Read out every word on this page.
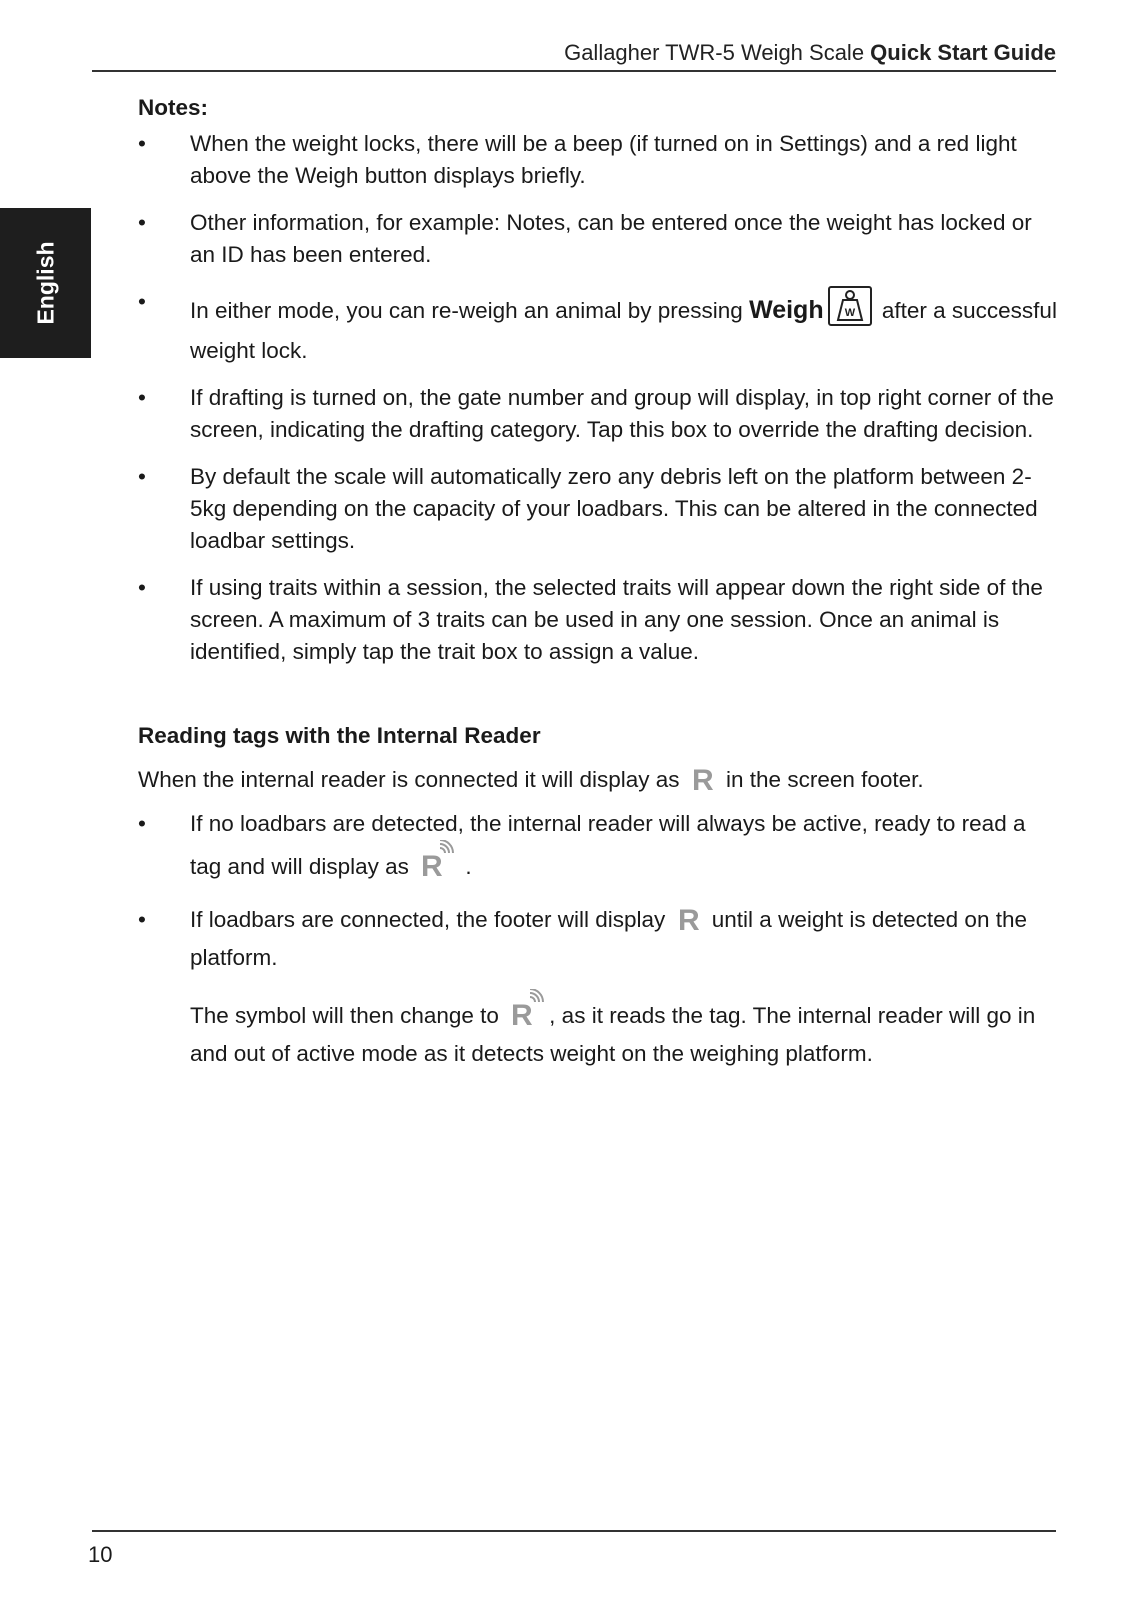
Gallagher TWR-5 Weigh Scale Quick Start Guide
English
Notes:
• When the weight locks, there will be a beep (if turned on in Settings) and a red light above the Weigh button displays briefly.
• Other information, for example: Notes, can be entered once the weight has locked or an ID has been entered.
• In either mode, you can re-weigh an animal by pressing Weigh W after a successful weight lock.
• If drafting is turned on, the gate number and group will display, in top right corner of the screen, indicating the drafting category. Tap this box to override the drafting decision.
• By default the scale will automatically zero any debris left on the platform between 2-5kg depending on the capacity of your loadbars. This can be altered in the connected loadbar settings.
• If using traits within a session, the selected traits will appear down the right side of the screen. A maximum of 3 traits can be used in any one session. Once an animal is identified, simply tap the trait box to assign a value.
Reading tags with the Internal Reader

When the internal reader is connected it will display as R in the screen footer.

• If no loadbars are detected, the internal reader will always be active, ready to read a tag and will display as R .
• If loadbars are connected, the footer will display R until a weight is detected on the platform.

The symbol will then change to R , as it reads the tag. The internal reader will go in and out of active mode as it detects weight on the weighing platform.

10
